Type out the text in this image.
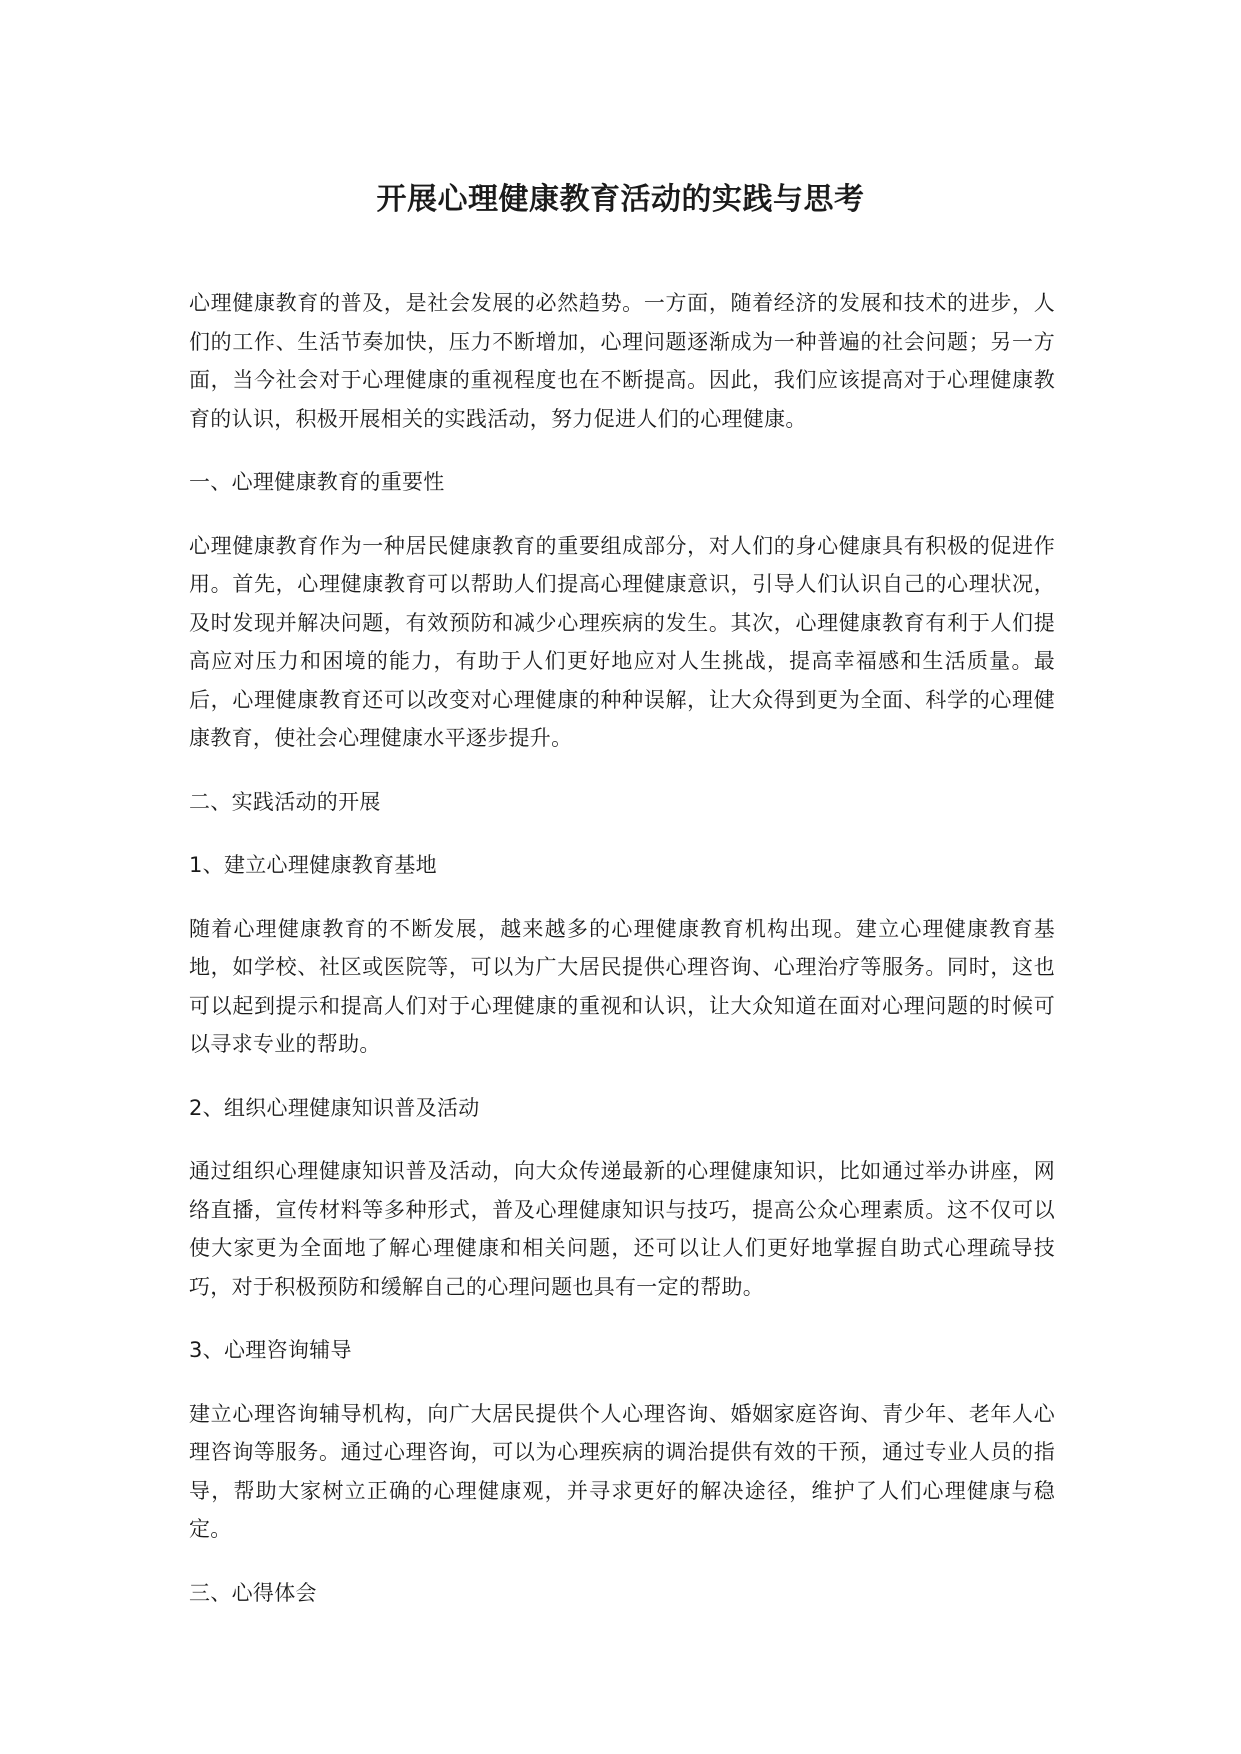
开展心理健康教育活动的实践与思考

心理健康教育的普及，是社会发展的必然趋势。一方面，随着经济的发展和技术的进步，人们的工作、生活节奏加快，压力不断增加，心理问题逐渐成为一种普遍的社会问题；另一方面，当今社会对于心理健康的重视程度也在不断提高。因此，我们应该提高对于心理健康教育的认识，积极开展相关的实践活动，努力促进人们的心理健康。

一、心理健康教育的重要性

心理健康教育作为一种居民健康教育的重要组成部分，对人们的身心健康具有积极的促进作用。首先，心理健康教育可以帮助人们提高心理健康意识，引导人们认识自己的心理状况，及时发现并解决问题，有效预防和减少心理疾病的发生。其次，心理健康教育有利于人们提高应对压力和困境的能力，有助于人们更好地应对人生挑战，提高幸福感和生活质量。最后，心理健康教育还可以改变对心理健康的种种误解，让大众得到更为全面、科学的心理健康教育，使社会心理健康水平逐步提升。

二、实践活动的开展

1、建立心理健康教育基地

随着心理健康教育的不断发展，越来越多的心理健康教育机构出现。建立心理健康教育基地，如学校、社区或医院等，可以为广大居民提供心理咨询、心理治疗等服务。同时，这也可以起到提示和提高人们对于心理健康的重视和认识，让大众知道在面对心理问题的时候可以寻求专业的帮助。

2、组织心理健康知识普及活动

通过组织心理健康知识普及活动，向大众传递最新的心理健康知识，比如通过举办讲座，网络直播，宣传材料等多种形式，普及心理健康知识与技巧，提高公众心理素质。这不仅可以使大家更为全面地了解心理健康和相关问题，还可以让人们更好地掌握自助式心理疏导技巧，对于积极预防和缓解自己的心理问题也具有一定的帮助。

3、心理咨询辅导

建立心理咨询辅导机构，向广大居民提供个人心理咨询、婚姻家庭咨询、青少年、老年人心理咨询等服务。通过心理咨询，可以为心理疾病的调治提供有效的干预，通过专业人员的指导，帮助大家树立正确的心理健康观，并寻求更好的解决途径，维护了人们心理健康与稳定。

三、心得体会
